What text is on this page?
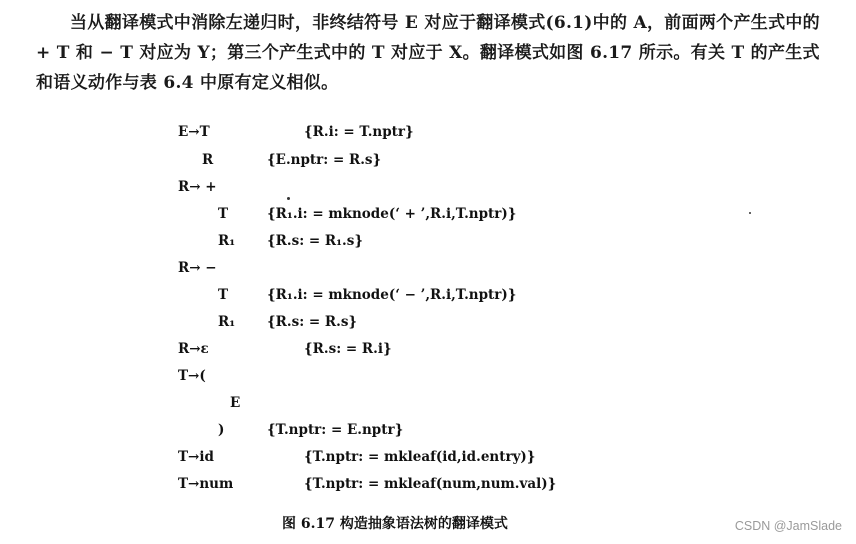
当从翻译模式中消除左递归时，非终结符号 E 对应于翻译模式(6.1)中的 A，前面两个产生式中的 + T 和 − T 对应为 Y；第三个产生式中的 T 对应于 X。翻译模式如图 6.17 所示。有关 T 的产生式和语义动作与表 6.4 中原有定义相似。

E→T	{R.i: = T.nptr}
R	{E.nptr: = R.s}
R→ +
T	{R₁.i: = mknode(‘ + ’,R.i,T.nptr)}
R₁ {R.s: = R₁.s}
R→ −
T	{R₁.i: = mknode(‘ − ’,R.i,T.nptr)}
R₁ {R.s: = R.s}
R→ε	{R.s: = R.i}
T→(
E
)	{T.nptr: = E.nptr}
T→id	{T.nptr: = mkleaf(id,id.entry)}
T→num	{T.nptr: = mkleaf(num,num.val)}
图 6.17 构造抽象语法树的翻译模式	CSDN @JamSlade
